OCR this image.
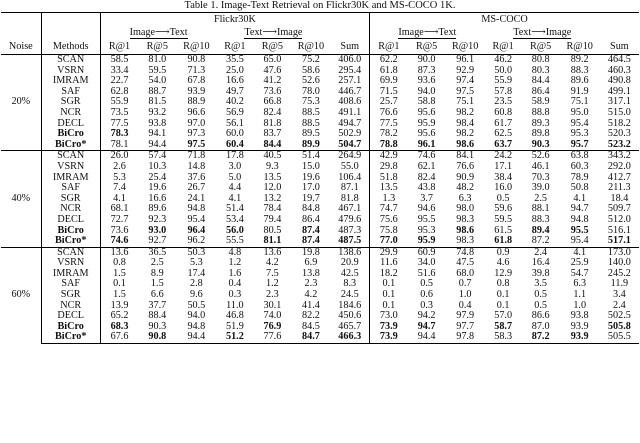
Table 1. Image-Text Retrieval on Flickr30K and MS-COCO 1K.
		Flickr30K							MS-COCO						
		Image⟶Text			Text⟶Image				Image⟶Text			Text⟶Image			
Noise	Methods	R@1	R@5	R@10	R@1	R@5	R@10	Sum	R@1	R@5	R@10	R@1	R@5	R@10	Sum
20%	SCAN	58.5	81.0	90.8	35.5	65.0	75.2	406.0	62.2	90.0	96.1	46.2	80.8	89.2	464.5
	VSRN	33.4	59.5	71.3	25.0	47.6	58.6	295.4	61.8	87.3	92.9	50.0	80.3	88.3	460.3
	IMRAM	22.7	54.0	67.8	16.6	41.2	52.6	257.1	69.9	93.6	97.4	55.9	84.4	89.6	490.8
	SAF	62.8	88.7	93.9	49.7	73.6	78.0	446.7	71.5	94.0	97.5	57.8	86.4	91.9	499.1
	SGR	55.9	81.5	88.9	40.2	66.8	75.3	408.6	25.7	58.8	75.1	23.5	58.9	75.1	317.1
	NCR	73.5	93.2	96.6	56.9	82.4	88.5	491.1	76.6	95.6	98.2	60.8	88.8	95.0	515.0
	DECL	77.5	93.8	97.0	56.1	81.8	88.5	494.7	77.5	95.9	98.4	61.7	89.3	95.4	518.2
	BiCro	78.3	94.1	97.3	60.0	83.7	89.5	502.9	78.2	95.6	98.2	62.5	89.8	95.3	520.3
	BiCro*	78.1	94.4	97.5	60.4	84.4	89.9	504.7	78.8	96.1	98.6	63.7	90.3	95.7	523.2
40%	SCAN	26.0	57.4	71.8	17.8	40.5	51.4	264.9	42.9	74.6	84.1	24.2	52.6	63.8	343.2
	VSRN	2.6	10.3	14.8	3.0	9.3	15.0	55.0	29.8	62.1	76.6	17.1	46.1	60.3	292.0
	IMRAM	5.3	25.4	37.6	5.0	13.5	19.6	106.4	51.8	82.4	90.9	38.4	70.3	78.9	412.7
	SAF	7.4	19.6	26.7	4.4	12.0	17.0	87.1	13.5	43.8	48.2	16.0	39.0	50.8	211.3
	SGR	4.1	16.6	24.1	4.1	13.2	19.7	81.8	1.3	3.7	6.3	0.5	2.5	4.1	18.4
	NCR	68.1	89.6	94.8	51.4	78.4	84.8	467.1	74.7	94.6	98.0	59.6	88.1	94.7	509.7
	DECL	72.7	92.3	95.4	53.4	79.4	86.4	479.6	75.6	95.5	98.3	59.5	88.3	94.8	512.0
	BiCro	73.6	93.0	96.4	56.0	80.5	87.4	487.3	75.8	95.3	98.6	61.5	89.4	95.5	516.1
	BiCro*	74.6	92.7	96.2	55.5	81.1	87.4	487.5	77.0	95.9	98.3	61.8	87.2	95.4	517.1
60%	SCAN	13.6	36.5	50.3	4.8	13.6	19.8	138.6	29.9	60.9	74.8	0.9	2.4	4.1	173.0
	VSRN	0.8	2.5	5.3	1.2	4.2	6.9	20.9	11.6	34.0	47.5	4.6	16.4	25.9	140.0
	IMRAM	1.5	8.9	17.4	1.6	7.5	13.8	42.5	18.2	51.6	68.0	12.9	39.8	54.7	245.2
	SAF	0.1	1.5	2.8	0.4	1.2	2.3	8.3	0.1	0.5	0.7	0.8	3.5	6.3	11.9
	SGR	1.5	6.6	9.6	0.3	2.3	4.2	24.5	0.1	0.6	1.0	0.1	0.5	1.1	3.4
	NCR	13.9	37.7	50.5	11.0	30.1	41.4	184.6	0.1	0.3	0.4	0.1	0.5	1.0	2.4
	DECL	65.2	88.4	94.0	46.8	74.0	82.2	450.6	73.0	94.2	97.9	57.0	86.6	93.8	502.5
	BiCro	68.3	90.3	94.8	51.9	76.9	84.5	465.7	73.9	94.7	97.7	58.7	87.0	93.9	505.8
	BiCro*	67.6	90.8	94.4	51.2	77.6	84.7	466.3	73.9	94.4	97.8	58.3	87.2	93.9	505.5
